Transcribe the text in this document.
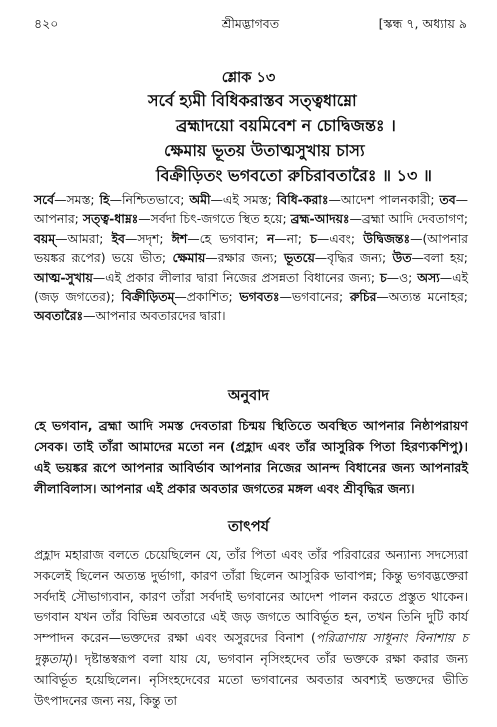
৪২০	শ্রীমদ্ভাগবত	[স্কন্ধ ৭, অধ্যায় ৯
শ্লোক ১৩
সর্বে হ্যমী বিধিকরাস্তব সত্ত্বধাম্নো
ব্রহ্মাদয়ো বয়মিবেশ ন চোদ্বিজন্তঃ ।
ক্ষেমায় ভূতয় উতাত্মসুখায় চাস্য
বিক্রীড়িতং ভগবতো রুচিরাবতারৈঃ ॥ ১৩ ॥
সর্বে—সমস্ত; হি—নিশ্চিতভাবে; অমী—এই সমস্ত; বিধি-করাঃ—আদেশ পালনকারী; তব—আপনার; সত্ত্ব-ধাম্নঃ—সর্বদা চিৎ-জগতে স্থিত হয়ে; ব্রহ্ম-আদয়ঃ—ব্রহ্মা আদি দেবতাগণ; বয়ম্—আমরা; ইব—সদৃশ; ঈশ—হে ভগবান; ন—না; চ—এবং; উদ্বিজন্তঃ—(আপনার ভয়ঙ্কর রূপের) ভয়ে ভীত; ক্ষেমায়—রক্ষার জন্য; ভূতয়ে—বৃদ্ধির জন্য; উত—বলা হয়; আত্ম-সুখায়—এই প্রকার লীলার দ্বারা নিজের প্রসন্নতা বিধানের জন্য; চ—ও; অস্য—এই (জড় জগতের); বিক্রীড়িতম্—প্রকাশিত; ভগবতঃ—ভগবানের; রুচির—অত্যন্ত মনোহর; অবতারৈঃ—আপনার অবতারদের দ্বারা।
অনুবাদ
হে ভগবান, ব্রহ্মা আদি সমস্ত দেবতারা চিন্ময় স্থিতিতে অবস্থিত আপনার নিষ্ঠাপরায়ণ সেবক। তাই তাঁরা আমাদের মতো নন (প্রহ্লাদ এবং তাঁর আসুরিক পিতা হিরণ্যকশিপু)। এই ভয়ঙ্কর রূপে আপনার আবির্ভাব আপনার নিজের আনন্দ বিধানের জন্য আপনারই লীলাবিলাস। আপনার এই প্রকার অবতার জগতের মঙ্গল এবং শ্রীবৃদ্ধির জন্য।
তাৎপর্য
প্রহ্লাদ মহারাজ বলতে চেয়েছিলেন যে, তাঁর পিতা এবং তাঁর পরিবারের অন্যান্য সদস্যেরা সকলেই ছিলেন অত্যন্ত দুর্ভাগা, কারণ তাঁরা ছিলেন আসুরিক ভাবাপন্ন; কিন্তু ভগবদ্ভক্তেরা সর্বদাই সৌভাগ্যবান, কারণ তাঁরা সর্বদাই ভগবানের আদেশ পালন করতে প্রস্তুত থাকেন। ভগবান যখন তাঁর বিভিন্ন অবতারে এই জড় জগতে আবির্ভূত হন, তখন তিনি দুটি কার্য সম্পাদন করেন—ভক্তদের রক্ষা এবং অসুরদের বিনাশ (পরিত্রাণায় সাধূনাং বিনাশায় চ দুষ্কৃতাম্)। দৃষ্টান্তস্বরূপ বলা যায় যে, ভগবান নৃসিংহদেব তাঁর ভক্তকে রক্ষা করার জন্য আবির্ভূত হয়েছিলেন। নৃসিংহদেবের মতো ভগবানের অবতার অবশ্যই ভক্তদের ভীতি উৎপাদনের জন্য নয়, কিন্তু তা
